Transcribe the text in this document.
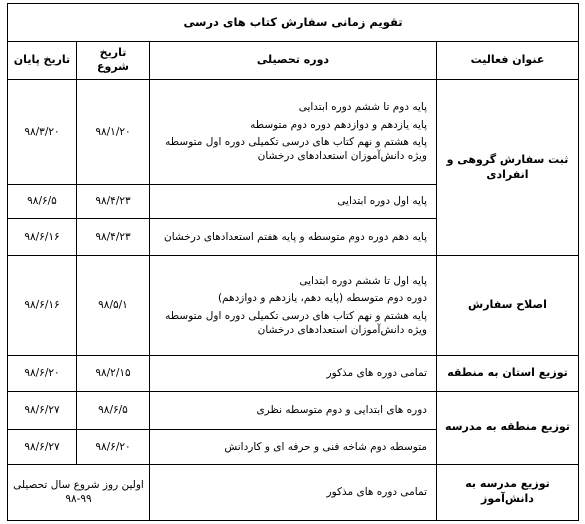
تقویم زمانی سفارش کتاب های درسی			
عنوان فعالیت	دوره تحصیلی	تاریخ شروع	تاریخ پایان
ثبت سفارش گروهی و انفرادی	پایه دوم تا ششم دوره ابتدایی
پایه یازدهم و دوازدهم دوره دوم متوسطه
پایه هشتم و نهم کتاب های درسی تکمیلی دوره اول متوسطه ویژه دانش‌آموزان استعدادهای درخشان	۹۸/۱/۲۰	۹۸/۳/۲۰
	پایه اول دوره ابتدایی	۹۸/۴/۲۳	۹۸/۶/۵
	پایه دهم دوره دوم متوسطه و پایه هفتم استعدادهای درخشان	۹۸/۴/۲۳	۹۸/۶/۱۶
اصلاح سفارش	پایه اول تا ششم دوره ابتدایی
دوره دوم متوسطه (پایه دهم، یازدهم و دوازدهم)
پایه هشتم و نهم کتاب های درسی تکمیلی دوره اول متوسطه ویژه دانش‌آموزان استعدادهای درخشان	۹۸/۵/۱	۹۸/۶/۱۶
توزیع استان به منطقه	تمامی دوره های مذکور	۹۸/۲/۱۵	۹۸/۶/۲۰
توزیع منطقه به مدرسه	دوره های ابتدایی و دوم متوسطه نظری	۹۸/۶/۵	۹۸/۶/۲۷
	متوسطه دوم شاخه فنی و حرفه ای و کاردانش	۹۸/۶/۲۰	۹۸/۶/۲۷
توزیع مدرسه به دانش‌آموز	تمامی دوره های مذکور	اولین روز شروع سال تحصیلی
۹۸-۹۹	
